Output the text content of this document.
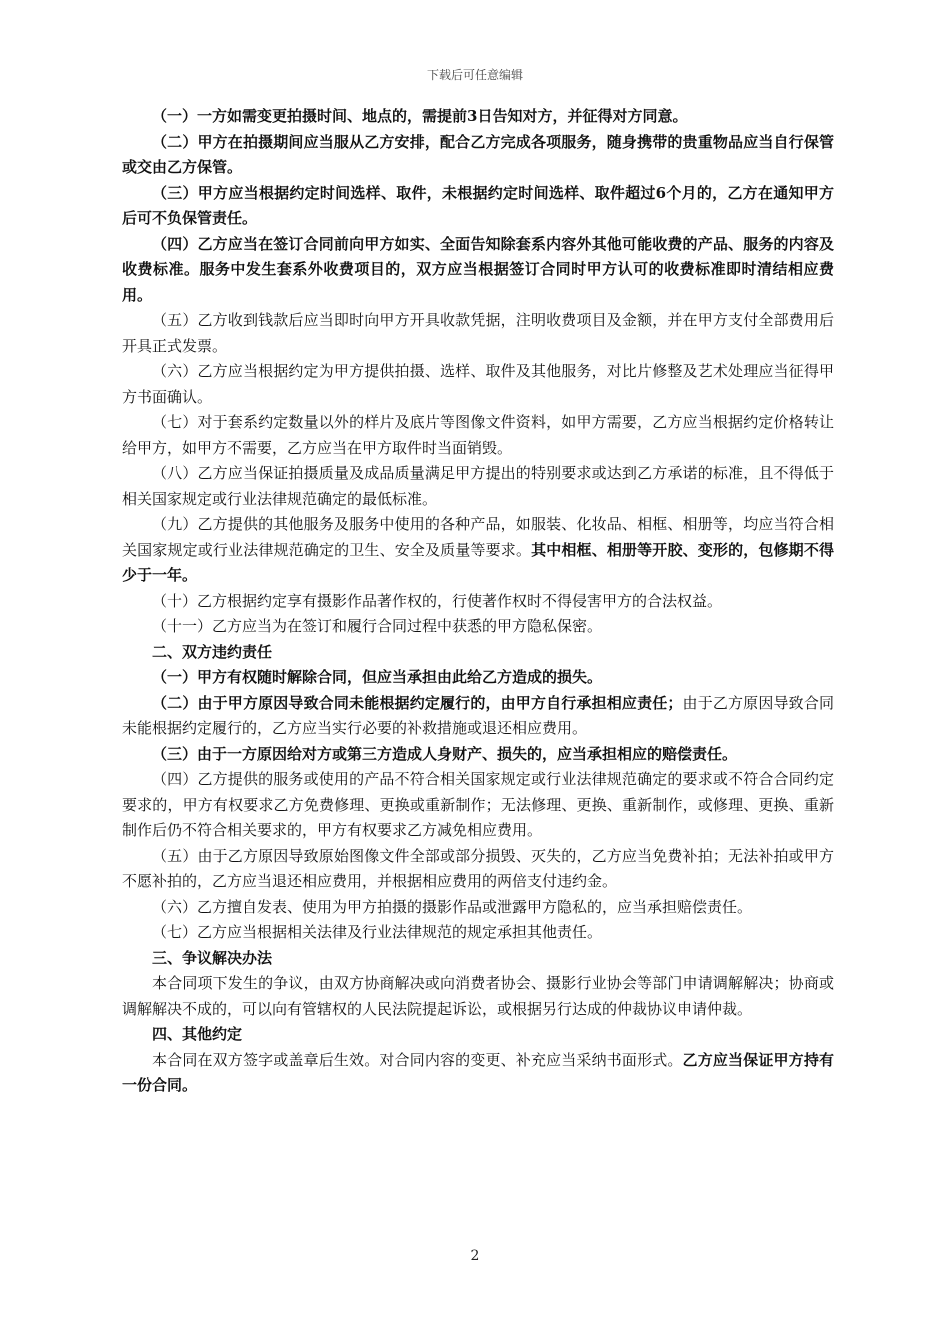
下载后可任意编辑

（一）一方如需变更拍摄时间、地点的，需提前3日告知对方，并征得对方同意。

（二）甲方在拍摄期间应当服从乙方安排，配合乙方完成各项服务，随身携带的贵重物品应当自行保管或交由乙方保管。

（三）甲方应当根据约定时间选样、取件，未根据约定时间选样、取件超过6个月的，乙方在通知甲方后可不负保管责任。

（四）乙方应当在签订合同前向甲方如实、全面告知除套系内容外其他可能收费的产品、服务的内容及收费标准。服务中发生套系外收费项目的，双方应当根据签订合同时甲方认可的收费标准即时清结相应费用。

（五）乙方收到钱款后应当即时向甲方开具收款凭据，注明收费项目及金额，并在甲方支付全部费用后开具正式发票。

（六）乙方应当根据约定为甲方提供拍摄、选样、取件及其他服务，对比片修整及艺术处理应当征得甲方书面确认。

（七）对于套系约定数量以外的样片及底片等图像文件资料，如甲方需要，乙方应当根据约定价格转让给甲方，如甲方不需要，乙方应当在甲方取件时当面销毁。

（八）乙方应当保证拍摄质量及成品质量满足甲方提出的特别要求或达到乙方承诺的标准，且不得低于相关国家规定或行业法律规范确定的最低标准。

（九）乙方提供的其他服务及服务中使用的各种产品，如服装、化妆品、相框、相册等，均应当符合相关国家规定或行业法律规范确定的卫生、安全及质量等要求。其中相框、相册等开胶、变形的，包修期不得少于一年。

（十）乙方根据约定享有摄影作品著作权的，行使著作权时不得侵害甲方的合法权益。

（十一）乙方应当为在签订和履行合同过程中获悉的甲方隐私保密。

二、双方违约责任

（一）甲方有权随时解除合同，但应当承担由此给乙方造成的损失。

（二）由于甲方原因导致合同未能根据约定履行的，由甲方自行承担相应责任；由于乙方原因导致合同未能根据约定履行的，乙方应当实行必要的补救措施或退还相应费用。

（三）由于一方原因给对方或第三方造成人身财产、损失的，应当承担相应的赔偿责任。

（四）乙方提供的服务或使用的产品不符合相关国家规定或行业法律规范确定的要求或不符合合同约定要求的，甲方有权要求乙方免费修理、更换或重新制作；无法修理、更换、重新制作，或修理、更换、重新制作后仍不符合相关要求的，甲方有权要求乙方减免相应费用。

（五）由于乙方原因导致原始图像文件全部或部分损毁、灭失的，乙方应当免费补拍；无法补拍或甲方不愿补拍的，乙方应当退还相应费用，并根据相应费用的两倍支付违约金。

（六）乙方擅自发表、使用为甲方拍摄的摄影作品或泄露甲方隐私的，应当承担赔偿责任。

（七）乙方应当根据相关法律及行业法律规范的规定承担其他责任。

三、争议解决办法

本合同项下发生的争议，由双方协商解决或向消费者协会、摄影行业协会等部门申请调解解决；协商或调解解决不成的，可以向有管辖权的人民法院提起诉讼，或根据另行达成的仲裁协议申请仲裁。

四、其他约定

本合同在双方签字或盖章后生效。对合同内容的变更、补充应当采纳书面形式。乙方应当保证甲方持有一份合同。

2
